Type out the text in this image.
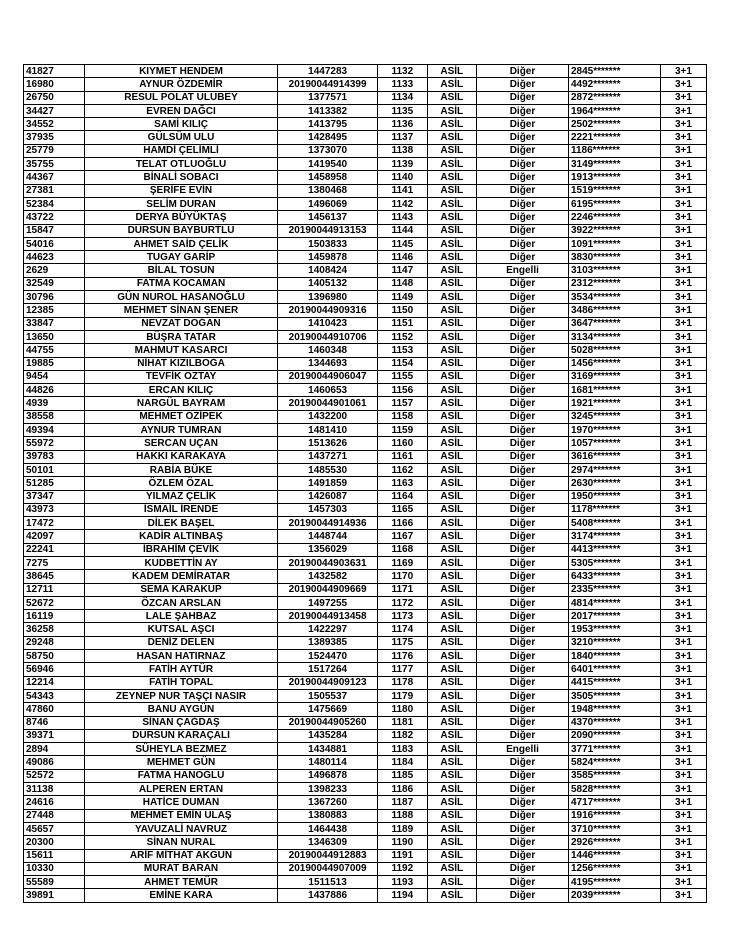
41827	KIYMET HENDEM	1447283	1132	ASİL	Diğer	2845*******	3+1
16980	AYNUR ÖZDEMİR	20190044914399	1133	ASİL	Diğer	4492*******	3+1
26750	RESUL POLAT ULUBEY	1377571	1134	ASİL	Diğer	2872*******	3+1
34427	EVREN DAĞCI	1413382	1135	ASİL	Diğer	1964*******	3+1
34552	SAMİ KILIÇ	1413795	1136	ASİL	Diğer	2502*******	3+1
37935	GÜLSÜM ULU	1428495	1137	ASİL	Diğer	2221*******	3+1
25779	HAMDİ ÇELİMLİ	1373070	1138	ASİL	Diğer	1186*******	3+1
35755	TELAT OTLUOĞLU	1419540	1139	ASİL	Diğer	3149*******	3+1
44367	BİNALİ SOBACI	1458958	1140	ASİL	Diğer	1913*******	3+1
27381	ŞERİFE EVİN	1380468	1141	ASİL	Diğer	1519*******	3+1
52384	SELİM DURAN	1496069	1142	ASİL	Diğer	6195*******	3+1
43722	DERYA BÜYÜKTAŞ	1456137	1143	ASİL	Diğer	2246*******	3+1
15847	DURSUN BAYBURTLU	20190044913153	1144	ASİL	Diğer	3922*******	3+1
54016	AHMET SAİD ÇELİK	1503833	1145	ASİL	Diğer	1091*******	3+1
44623	TUGAY GARİP	1459878	1146	ASİL	Diğer	3830*******	3+1
2629	BİLAL TOSUN	1408424	1147	ASİL	Engelli	3103*******	3+1
32549	FATMA KOCAMAN	1405132	1148	ASİL	Diğer	2312*******	3+1
30796	GÜN NUROL HASANOĞLU	1396980	1149	ASİL	Diğer	3534*******	3+1
12385	MEHMET SİNAN ŞENER	20190044909316	1150	ASİL	Diğer	3486*******	3+1
33847	NEVZAT DOĞAN	1410423	1151	ASİL	Diğer	3647*******	3+1
13650	BÜŞRA TATAR	20190044910706	1152	ASİL	Diğer	3134*******	3+1
44755	MAHMUT KASARCI	1460348	1153	ASİL	Diğer	5028*******	3+1
19885	NİHAT KIZILBOĞA	1344693	1154	ASİL	Diğer	1456*******	3+1
9454	TEVFİK ÖZTAY	20190044906047	1155	ASİL	Diğer	3169*******	3+1
44826	ERCAN KILIÇ	1460653	1156	ASİL	Diğer	1681*******	3+1
4939	NARGÜL BAYRAM	20190044901061	1157	ASİL	Diğer	1921*******	3+1
38558	MEHMET ÖZİPEK	1432200	1158	ASİL	Diğer	3245*******	3+1
49394	AYNUR TUMRAN	1481410	1159	ASİL	Diğer	1970*******	3+1
55972	SERCAN UÇAN	1513626	1160	ASİL	Diğer	1057*******	3+1
39783	HAKKI KARAKAYA	1437271	1161	ASİL	Diğer	3616*******	3+1
50101	RABİA BÜKE	1485530	1162	ASİL	Diğer	2974*******	3+1
51285	ÖZLEM ÖZAL	1491859	1163	ASİL	Diğer	2630*******	3+1
37347	YILMAZ ÇELİK	1426087	1164	ASİL	Diğer	1950*******	3+1
43973	İSMAİL İRENDE	1457303	1165	ASİL	Diğer	1178*******	3+1
17472	DİLEK BAŞEL	20190044914936	1166	ASİL	Diğer	5408*******	3+1
42097	KADİR ALTINBAŞ	1448744	1167	ASİL	Diğer	3174*******	3+1
22241	İBRAHİM ÇEVİK	1356029	1168	ASİL	Diğer	4413*******	3+1
7275	KUDBETTİN AY	20190044903631	1169	ASİL	Diğer	5305*******	3+1
38645	KADEM DEMİRATAR	1432582	1170	ASİL	Diğer	6433*******	3+1
12711	SEMA KARAKÜP	20190044909669	1171	ASİL	Diğer	2335*******	3+1
52672	ÖZCAN ARSLAN	1497255	1172	ASİL	Diğer	4814*******	3+1
16119	LALE ŞAHBAZ	20190044913458	1173	ASİL	Diğer	2017*******	3+1
36258	KUTSAL AŞCI	1422297	1174	ASİL	Diğer	1953*******	3+1
29248	DENİZ DELEN	1389385	1175	ASİL	Diğer	3210*******	3+1
58750	HASAN HATIRNAZ	1524470	1176	ASİL	Diğer	1840*******	3+1
56946	FATİH AYTÜR	1517264	1177	ASİL	Diğer	6401*******	3+1
12214	FATİH TOPAL	20190044909123	1178	ASİL	Diğer	4415*******	3+1
54343	ZEYNEP NUR TAŞÇI NASIR	1505537	1179	ASİL	Diğer	3505*******	3+1
47860	BANU AYGÜN	1475669	1180	ASİL	Diğer	1948*******	3+1
8746	SİNAN ÇAĞDAŞ	20190044905260	1181	ASİL	Diğer	4370*******	3+1
39371	DURSUN KARAÇALI	1435284	1182	ASİL	Diğer	2090*******	3+1
2894	SÜHEYLA BEZMEZ	1434881	1183	ASİL	Engelli	3771*******	3+1
49086	MEHMET GÜN	1480114	1184	ASİL	Diğer	5824*******	3+1
52572	FATMA HANOĞLU	1496878	1185	ASİL	Diğer	3585*******	3+1
31138	ALPEREN ERTAN	1398233	1186	ASİL	Diğer	5828*******	3+1
24616	HATİCE DUMAN	1367260	1187	ASİL	Diğer	4717*******	3+1
27448	MEHMET EMİN ULAŞ	1380883	1188	ASİL	Diğer	1916*******	3+1
45657	YAVUZALİ NAVRUZ	1464438	1189	ASİL	Diğer	3710*******	3+1
20300	SİNAN NURAL	1346309	1190	ASİL	Diğer	2926*******	3+1
15611	ARİF MİTHAT AKGÜN	20190044912883	1191	ASİL	Diğer	1446*******	3+1
10330	MURAT BARAN	20190044907009	1192	ASİL	Diğer	1256*******	3+1
55589	AHMET TEMÜR	1511513	1193	ASİL	Diğer	4195*******	3+1
39891	EMİNE KARA	1437886	1194	ASİL	Diğer	2039*******	3+1
